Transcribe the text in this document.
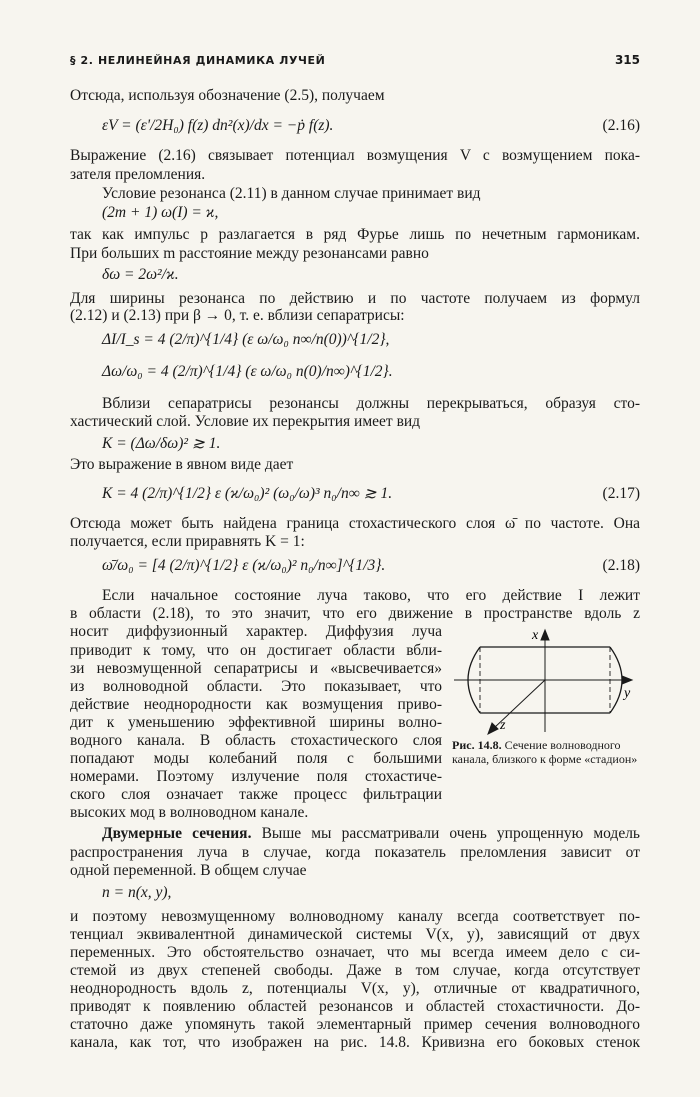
§ 2. НЕЛИНЕЙНАЯ ДИНАМИКА ЛУЧЕЙ	315
Отсюда, используя обозначение (2.5), получаем
εV = (ε'/2H₀) f(z) dn²(x)/dx = −ṗ f(z).	(2.16)
Выражение (2.16) связывает потенциал возмущения V с возмущением пока-
зателя преломления.
Условие резонанса (2.11) в данном случае принимает вид
(2m + 1) ω(I) = ϰ,
так как импульс p разлагается в ряд Фурье лишь по нечетным гармоникам.
При больших m расстояние между резонансами равно
δω = 2ω²/ϰ.
Для ширины резонанса по действию и по частоте получаем из формул
(2.12) и (2.13) при β → 0, т. е. вблизи сепаратрисы:
ΔI/I_s = 4 (2/π)^{1/4} (ε ω/ω₀ n∞/n(0))^{1/2},
Δω/ω₀ = 4 (2/π)^{1/4} (ε ω/ω₀ n(0)/n∞)^{1/2}.
Вблизи сепаратрисы резонансы должны перекрываться, образуя сто-
хастический слой. Условие их перекрытия имеет вид
K = (Δω/δω)² ≳ 1.
Это выражение в явном виде дает
K = 4 (2/π)^{1/2} ε (ϰ/ω₀)² (ω₀/ω)³ n₀/n∞ ≳ 1.	(2.17)
Отсюда может быть найдена граница стохастического слоя ω̄ по частоте. Она
получается, если приравнять K = 1:
ω̄/ω₀ = [4 (2/π)^{1/2} ε (ϰ/ω₀)² n₀/n∞]^{1/3}.	(2.18)
Если начальное состояние луча таково, что его действие I лежит
в области (2.18), то это значит, что его движение в пространстве вдоль z
носит диффузионный характер. Диффузия луча
приводит к тому, что он достигает области вбли-
зи невозмущенной сепаратрисы и «высвечивается»
из волноводной области. Это показывает, что
действие неоднородности как возмущения приво-
дит к уменьшению эффективной ширины волно-
водного канала. В область стохастического слоя
попадают моды колебаний поля с большими
номерами. Поэтому излучение поля стохастиче-
ского слоя означает также процесс фильтрации
высоких мод в волноводном канале.
x
y
z
Рис. 14.8. Сечение волноводного канала, близкого к форме «стадион»
Двумерные сечения. Выше мы рассматривали очень упрощенную модель
распространения луча в случае, когда показатель преломления зависит от
одной переменной. В общем случае
n = n(x, y),
и поэтому невозмущенному волноводному каналу всегда соответствует по-
тенциал эквивалентной динамической системы V(x, y), зависящий от двух
переменных. Это обстоятельство означает, что мы всегда имеем дело с си-
стемой из двух степеней свободы. Даже в том случае, когда отсутствует
неоднородность вдоль z, потенциалы V(x, y), отличные от квадратичного,
приводят к появлению областей резонансов и областей стохастичности. До-
статочно даже упомянуть такой элементарный пример сечения волноводного
канала, как тот, что изображен на рис. 14.8. Кривизна его боковых стенок
